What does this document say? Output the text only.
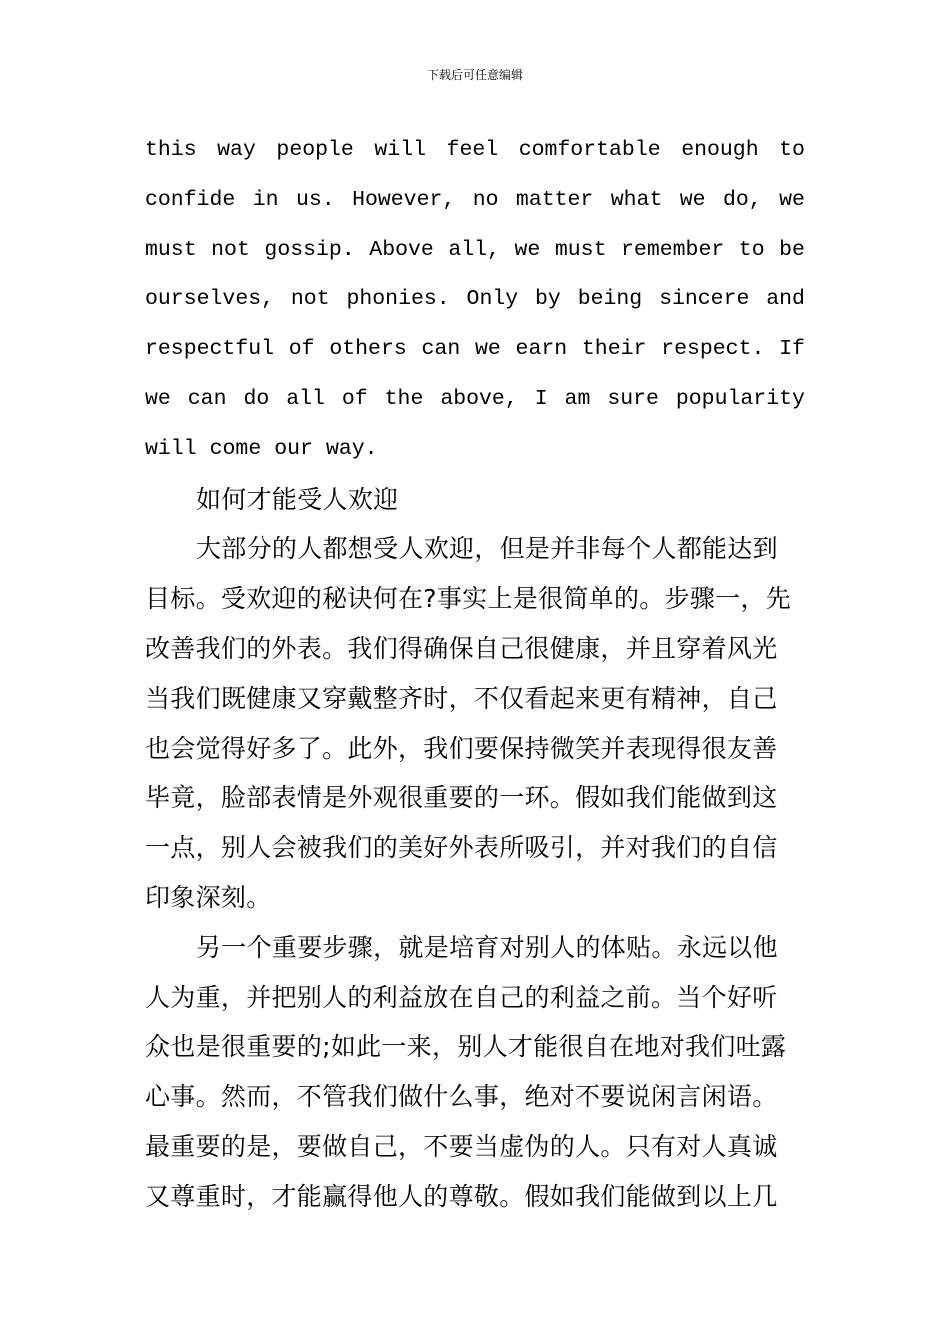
下载后可任意编辑
this way people will feel comfortable enough to
confide in us. However, no matter what we do, we
must not gossip. Above all, we must remember to be
ourselves, not phonies. Only by being sincere and
respectful of others can we earn their respect. If
we can do all of the above, I am sure popularity
will come our way.
如何才能受人欢迎
大部分的人都想受人欢迎，但是并非每个人都能达到
目标。受欢迎的秘诀何在?事实上是很简单的。步骤一，先
改善我们的外表。我们得确保自己很健康，并且穿着风光
当我们既健康又穿戴整齐时，不仅看起来更有精神，自己
也会觉得好多了。此外，我们要保持微笑并表现得很友善
毕竟，脸部表情是外观很重要的一环。假如我们能做到这
一点，别人会被我们的美好外表所吸引，并对我们的自信
印象深刻。
另一个重要步骤，就是培育对别人的体贴。永远以他
人为重，并把别人的利益放在自己的利益之前。当个好听
众也是很重要的;如此一来，别人才能很自在地对我们吐露
心事。然而，不管我们做什么事，绝对不要说闲言闲语。
最重要的是，要做自己，不要当虚伪的人。只有对人真诚
又尊重时，才能赢得他人的尊敬。假如我们能做到以上几
